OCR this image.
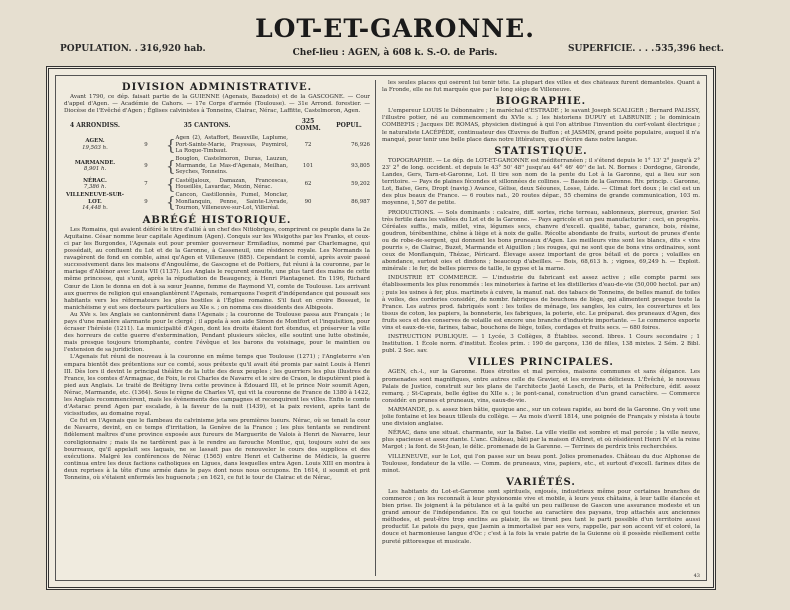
LOT-ET-GARONNE.
POPULATION. . . . .
316,920 hab.	Chef-lieu : AGEN, à 608 k. S.-O. de Paris.	SUPERFICIE. . . . .
535,396 hect.
DIVISION ADMINISTRATIVE.

Avant 1790, ce dép. faisait partie de la GUIENNE (Agenais, Bazadois) et de la GASCOGNE. — Cour d'appel d'Agen. — Académie de Cahors. — 17e Corps d'armée (Toulouse). — 31e Arrond. forestier. — Diocèse de l'Evêché d'Agen ; Églises calvinistes à Tonneins, Clairac, Nérac, Laffitte, Castelmoron, Agen.

4 ARRONDISS.	35 CANTONS.			325 COMM.	POPUL.
AGEN.
19,503 h.	9	{	Agen (2), Astaffort, Beauville, Laplume, Port-Sainte-Marie, Prayssas, Puymirol, La Roque-Timbaut.	72	76,926
MARMANDE.
8,901 h.	9	{	Bouglon, Castelmoron, Duras, Lauzun, Marmande, Le Mas-d'Agenais, Meilhan, Seyches, Tonneins.	101	93,805
NÉRAC.
7,386 h.	7	{	Castéljaloux, Damazan, Francescas, Houeillès, Lavardac, Mezin, Nérac.	62	59,202
VILLENEUVE-SUR-LOT.
14,448 h.	9	{	Cancon, Castillonnès, Fumel, Monclar, Monflanquin, Penne, Sainte-Livrade, Tournon, Villeneuve-sur-Lot, Villeréal.	90	86,987
ABRÉGÉ HISTORIQUE.

Les Romains, qui avaient déféré le titre d'allié à un chef des Nitiobriges, comprirent ce peuple dans la 2e Aquitaine. César nomme leur capitale Agedinum (Agen). Conquis sur les Wisigoths par les Franks, et ceux-ci par les Burgondes, l'Agenais eut pour premier gouverneur Ermiladius, nommé par Charlemagne, qui possédait, au confluent du Lot et de la Garonne, à Casseneuil, une résidence royale. Les Normands la ravagèrent de fond en comble, ainsi qu'Agen et Villeneuve (885). Cependant le comté, après avoir passé successivement dans les maisons d'Angoulême, de Gascogne et de Poitiers, fut réuni à la couronne, par le mariage d'Aliénor avec Louis VII (1137). Les Anglais le reçurent ensuite, une plus tard des mains de cette même princesse, qui s'unit, après la répudiation de Beaugency, à Henri Plantagenet. En 1196, Richard Cœur de Lion le donna en dot à sa sœur Jeanne, femme de Raymond VI, comte de Toulouse. Les arrivant aux guerres de religion qui ensanglantèrent l'Agenais, remarquons l'esprit d'indépendance qui poussait ses habitants vers les réformateurs les plus hostiles à l'Église romaine. S'il faut en croire Bossuet, le manichéisme y eut ses docteurs particuliers au XIe s. ; on nomma ces dissidents des Albigeois.

Au XVe s. les Anglais se cantonnèrent dans l'Agenais ; la couronne de Toulouse passa aux Français ; le pays d'une manière alarmante pour le clergé ; il appela à son aide Simon de Montfort et l'inquisition, pour écraser l'hérésie (1211). La municipalité d'Agen, dont les droits étaient fort étendus, et préserver la ville des horreurs de cette guerre d'extermination, Pendant plusieurs siècles, elle soutint une lutte obstinée, mais presque toujours triomphante, contre l'évêque et les barons du voisinage, pour le maintien ou l'extension de sa juridiction.

L'Agenais fut réuni de nouveau à la couronne en même temps que Toulouse (1271) ; l'Angleterre s'en empara bientôt des prétentions sur ce comté, sous prétexte qu'il avait été promis par saint Louis à Henri III. Dès lors il devint le principal théâtre de la lutte des deux peuples ; les guerriers les plus illustres de France, les comtes d'Armagnac, de Foix, le roi Charles de Navarre et le sire de Craon, le disputèrent pied à pied aux Anglais. Le traité de Brétigny livra cette province à Édouard III, et le prince Noir soumit Agen, Nérac, Marmande, etc. (1364). Sous le règne de Charles VI, qui vit la couronne de France de 1380 à 1422, les Anglais recommencèrent, mais les événements des campagnes et reconquirent les villes. Enfin le comte d'Astarac prend Agen par escalade, à la faveur de la nuit (1439), et la paix revient, après tant de vicissitudes, au domaine royal.

Ce fut en l'Agenais que le flambeau du calvinisme jeta ses premières lueurs. Nérac, où se tenait la cour de Navarre, devint, en ce temps d'irritation, la Genève de la France ; les plus tentants se rendirent fidèlement maîtres d'une province exposée aux fureurs de Marguerite de Valois à Henri de Navarre, leur coreligionnaire ; mais ils ne tardèrent pas à le rendre au farouche Montluc, qui, toujours suivi de ses bourreaux, qu'il appelait ses laquais, ne se lassait pas de renouveler le cours des supplices et des exécutions. Malgré les conférences de Nérac (1565) entre Henri et Catherine de Médicis, la guerre continua entre les deux factions catholiques en Ligues, dans lesquelles entra Agen. Louis XIII en montra à deux reprises à la tête d'une armée dans le pays dont nous nous occupons. En 1614, il soumit et prit Tonneins, où s'étaient enfermés les huguenots ; en 1621, ce fut le tour de Clairac et de Nérac,

les seules places qui osèrent lui tenir tête. La plupart des villes et des châteaux furent démantelés. Quant à la Fronde, elle ne fut marquée que par le long siège de Villeneuve.

BIOGRAPHIE.

L'empereur LOUIS le Débonnaire ; le maréchal d'ESTRADE ; le savant Joseph SCALIGER ; Bernard PALISSY, l'illustre potier, né au commencement du XVIe s. ; les historiens DUPUY et LABRUNIE ; le dominicain COMBEFIS ; Jacques DE ROMAS, physicien distingué à qui l'on attribue l'invention du cerf-volant électrique ; le naturaliste LACÉPÈDE, continuateur des Œuvres de Buffon ; et JASMIN, grand poète populaire, auquel il n'a manqué, pour tenir une belle place dans notre littérature, que d'écrire dans notre langue.

STATISTIQUE.

TOPOGRAPHIE. — Le dép. de LOT-ET-GARONNE est méditerranéen ; il s'étend depuis le 1° 13' 2° jusqu'à 2° 23' 2° de long. occident. et depuis le 43° 50' 48'' jusqu'au 44° 46' 40'' de lat. N. Bornes : Dordogne, Gironde, Landes, Gers, Tarn-et-Garonne, Lot. Il tire son nom de la pente du Lot à la Garonne, qui a lieu sur son territoire. — Pays de plaines fécondes et sillonnées de collines. — Bassin de la Garonne. Riv. princip. : Garonne, Lot, Baïse, Gers, Dropt (navig.) Avance, Gélise, deux Séounes, Losse, Léde. — Climat fort doux ; le ciel est un des plus beaux de France. — 6 routes nat., 20 routes dépar., 55 chemins de grande communication, 103 m. moyenne, 1,507 de petite.

PRODUCTIONS. — Sols dominants : calcaire, diff. sortes, riche terreau, sablonneux, pierreux, gravier. Sol très fertile dans les vallées du Lot et de la Garonne. — Pays agricole et un peu manufacturier : ceci, en progrès. Céréales suffis., maïs, millet, vins, légumes secs, chanvre d'excell. qualité, tabac, garance, bois, résine, goudron, térébenthine, chêne à liège et à noix de galle. Récolte abondante de fruits, surtout de prunes d'ente ou de robe-de-sergent, qui donnent les bons pruneaux d'Agen. Les meilleurs vins sont les blancs, dits « vins pourris », de Clairac, Buzet, Marmande et Aiguillon ; les rouges, qui ne sont que de bons vins ordinaires, sont ceux de Monflanquin, Thézac, Péricard. Élevage assez important de gros bétail et de porcs ; volailles en abondance, surtout oies et dindons ; beaucoup d'abeilles. — Bois, 68,613 h. ; vignes, 69,249 h. — Exploit. minérale : le fer, de belles pierres de taille, le gypse et la marne.

INDUSTRIE ET COMMERCE. — L'industrie du fabricant est assez active ; elle compte parmi ses établissements les plus renommés : les minoteries à farine et les distilleries d'eau-de-vie (50,000 hectol. par an) ; puis les usines à fer, plus. martinets à cuivre, la manuf. nat. des tabacs de Tonneins, de belles manuf. de toiles à voiles, des corderies considér., de nombr. fabriques de bouchons de liège, qui alimentent presque toute la France. Les autres prod. fabriqués sont : les toiles de ménage, les sangles, les cuirs, les couvertures et les tissus de coton, les papiers, la bonneterie, les fabriques, la poterie, etc. Le préparat. des pruneaux d'Agen, des fruits secs et des conserves de volaille est encore une branche d'industrie importante. — Le commerce exporte vins et eaux-de-vie, farines, tabac, bouchons de liège, toiles, cordages et fruits secs. — 680 foires.

INSTRUCTION PUBLIQUE. — 1 Lycée, 3 Collèges, 8 Établiss. second. libres. 1 Cours secondaire ; 1 Institution. 1 École norm. d'institut. Écoles prim. : 190 de garçons, 136 de filles, 138 mixtes. 2 Sém. 2 Bibl. publ. 2 Soc. sav.

VILLES PRINCIPALES.

AGEN, ch.-l., sur la Garonne. Rues étroites et mal percées, maisons communes et sans élégance. Les promenades sont magnifiques, entre autres celle du Gravier, et les environs délicieux. L'Évêché, le nouveau Palais de Justice, construit sur les plans de l'architecte Jaoté Lesch, de Paris, et la Préfecture, édif. assez remarq. ; St-Caprais, belle église du XIIe s. ; le pont-canal, construction d'un grand caractère. — Commerce considér. en prunes et pruneaux, vins, eaux-de-vie.

MARMANDE, p. s. assez bien bâtie, quoique anc., sur un coteau rapide, au bord de la Garonne. On y voit une jolie fontaine et les beaux tilleuls du collège. — Au mois d'avril 1814, une poignée de Français y résista à toute une division anglaise.

NÉRAC, dans une situat. charmante, sur la Baïse. La ville vieille est sombre et mal percée ; la ville neuve, plus spacieuse et assez riante. L'anc. Château, bâti par la maison d'Albret, et où résidèrent Henri IV et la reine Margot ; la font. de St-Jean, le délic. promenade de la Garenne. — Terrines de perdrix très recherchées.

VILLENEUVE, sur le Lot, qui l'on passe sur un beau pont. Jolies promenades. Château du duc Alphonse de Toulouse, fondateur de la ville. — Comm. de pruneaux, vins, papiers, etc., et surtout d'excell. farines dites de minot.

VARIÉTÉS.

Les habitants du Lot-et-Garonne sont spirituels, enjoués, industrieux même pour certaines branches de commerce ; on les reconnaît à leur physionomie vive et mobile, à leurs yeux châtains, à leur taille élancée et bien prise. Ils joignent à la pétulance et à la gaîté un peu railleuse de Gascon une assurance modeste et un grand amour de l'indépendance. En ce qui touche au caractère des paysans, trop attachés aux anciennes méthodes, et peut-être trop enclins au plaisir, ils se tirent peu tant le parti possible d'un territoire aussi productif. Le patois du pays, que Jasmin a immortalisé par ses vers, rappelle, par son accent vif et coloré, la douce et harmonieuse langue d'Oc ; c'est à la fois la vraie patrie de la Guienne où il possède réellement cette pureté pittoresque et musicale.

43
